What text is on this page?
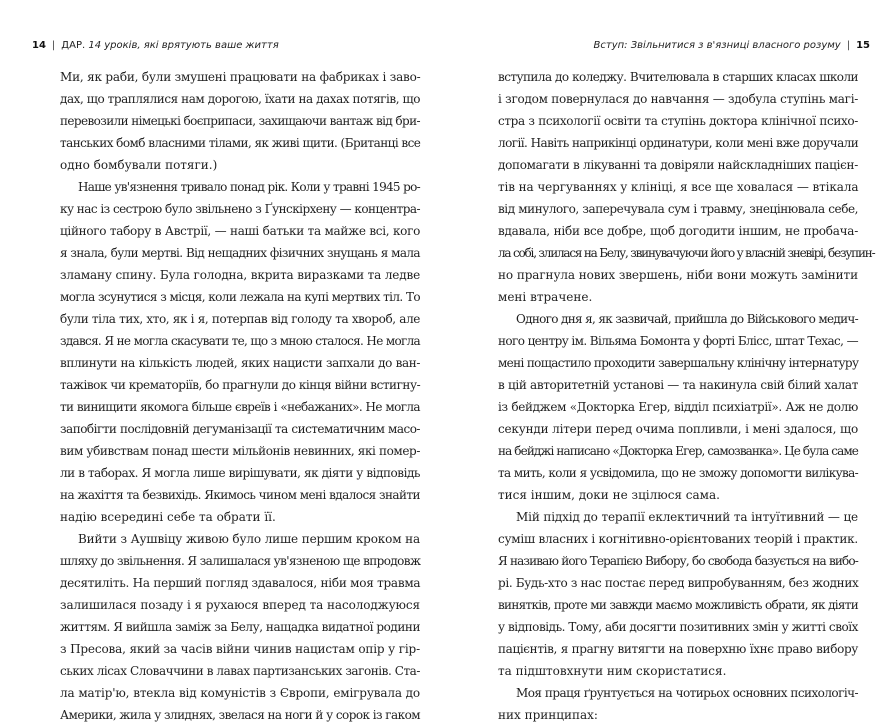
14 | ДАР. 14 уроків, які врятують ваше життя
Ми, як раби, були змушені працювати на фабриках і заво-
дах, що траплялися нам дорогою, їхати на дахах потягів, що
перевозили німецькі боєприпаси, захищаючи вантаж від бри-
танських бомб власними тілами, як живі щити. (Британці все
одно бомбували потяги.)
Наше ув'язнення тривало понад рік. Коли у травні 1945 ро-
ку нас із сестрою було звільнено з Ґунскірхену — концентра-
ційного табору в Австрії, — наші батьки та майже всі, кого
я знала, були мертві. Від нещадних фізичних знущань я мала
зламану спину. Була голодна, вкрита виразками та ледве
могла зсунутися з місця, коли лежала на купі мертвих тіл. То
були тіла тих, хто, як і я, потерпав від голоду та хвороб, але
здався. Я не могла скасувати те, що з мною сталося. Не могла
вплинути на кількість людей, яких нацисти запхали до ван-
тажівок чи крематоріїв, бо прагнули до кінця війни встигну-
ти винищити якомога більше євреїв і «небажаних». Не могла
запобігти послідовній дегуманізації та систематичним масо-
вим убивствам понад шести мільйонів невинних, які помер-
ли в таборах. Я могла лише вирішувати, як діяти у відповідь
на жахіття та безвихідь. Якимось чином мені вдалося знайти
надію всередині себе та обрати її.
Вийти з Аушвіцу живою було лише першим кроком на
шляху до звільнення. Я залишалася ув'язненою ще впродовж
десятиліть. На перший погляд здавалося, ніби моя травма
залишилася позаду і я рухаюся вперед та насолоджуюся
життям. Я вийшла заміж за Белу, нащадка видатної родини
з Пресова, який за часів війни чинив нацистам опір у гір-
ських лісах Словаччини в лавах партизанських загонів. Ста-
ла матір'ю, втекла від комуністів з Європи, емігрувала до
Америки, жила у злиднях, звелася на ноги й у сорок із гаком
Вступ: Звільнитися з в'язниці власного розуму | 15
вступила до коледжу. Вчителювала в старших класах школи
і згодом повернулася до навчання — здобула ступінь магі-
стра з психології освіти та ступінь доктора клінічної психо-
логії. Навіть наприкінці ординатури, коли мені вже доручали
допомагати в лікуванні та довіряли найскладніших пацієн-
тів на чергуваннях у клініці, я все ще ховалася — втікала
від минулого, заперечувала сум і травму, знецінювала себе,
вдавала, ніби все добре, щоб догодити іншим, не пробача-
ла собі, злилася на Белу, звинувачуючи його у власній зневірі, безупин-
но прагнула нових звершень, ніби вони можуть замінити
мені втрачене.
Одного дня я, як зазвичай, прийшла до Військового медич-
ного центру ім. Вільяма Бомонта у форті Блісс, штат Техас, —
мені пощастило проходити завершальну клінічну інтернатуру
в цій авторитетній установі — та накинула свій білий халат
із бейджем «Докторка Егер, відділ психіатрії». Аж не долю
секунди літери перед очима попливли, і мені здалося, що
на бейджі написано «Докторка Егер, самозванка». Це була саме
та мить, коли я усвідомила, що не зможу допомогти вилікува-
тися іншим, доки не зцілюся сама.
Мій підхід до терапії еклектичний та інтуїтивний — це
суміш власних і когнітивно-орієнтованих теорій і практик.
Я називаю його Терапією Вибору, бо свобода базується на вибо-
рі. Будь-хто з нас постає перед випробуванням, без жодних
винятків, проте ми завжди маємо можливість обрати, як діяти
у відповідь. Тому, аби досягти позитивних змін у житті своїх
пацієнтів, я прагну витягти на поверхню їхнє право вибору
та підштовхнути ним скористатися.
Моя праця ґрунтується на чотирьох основних психологіч-
них принципах:
